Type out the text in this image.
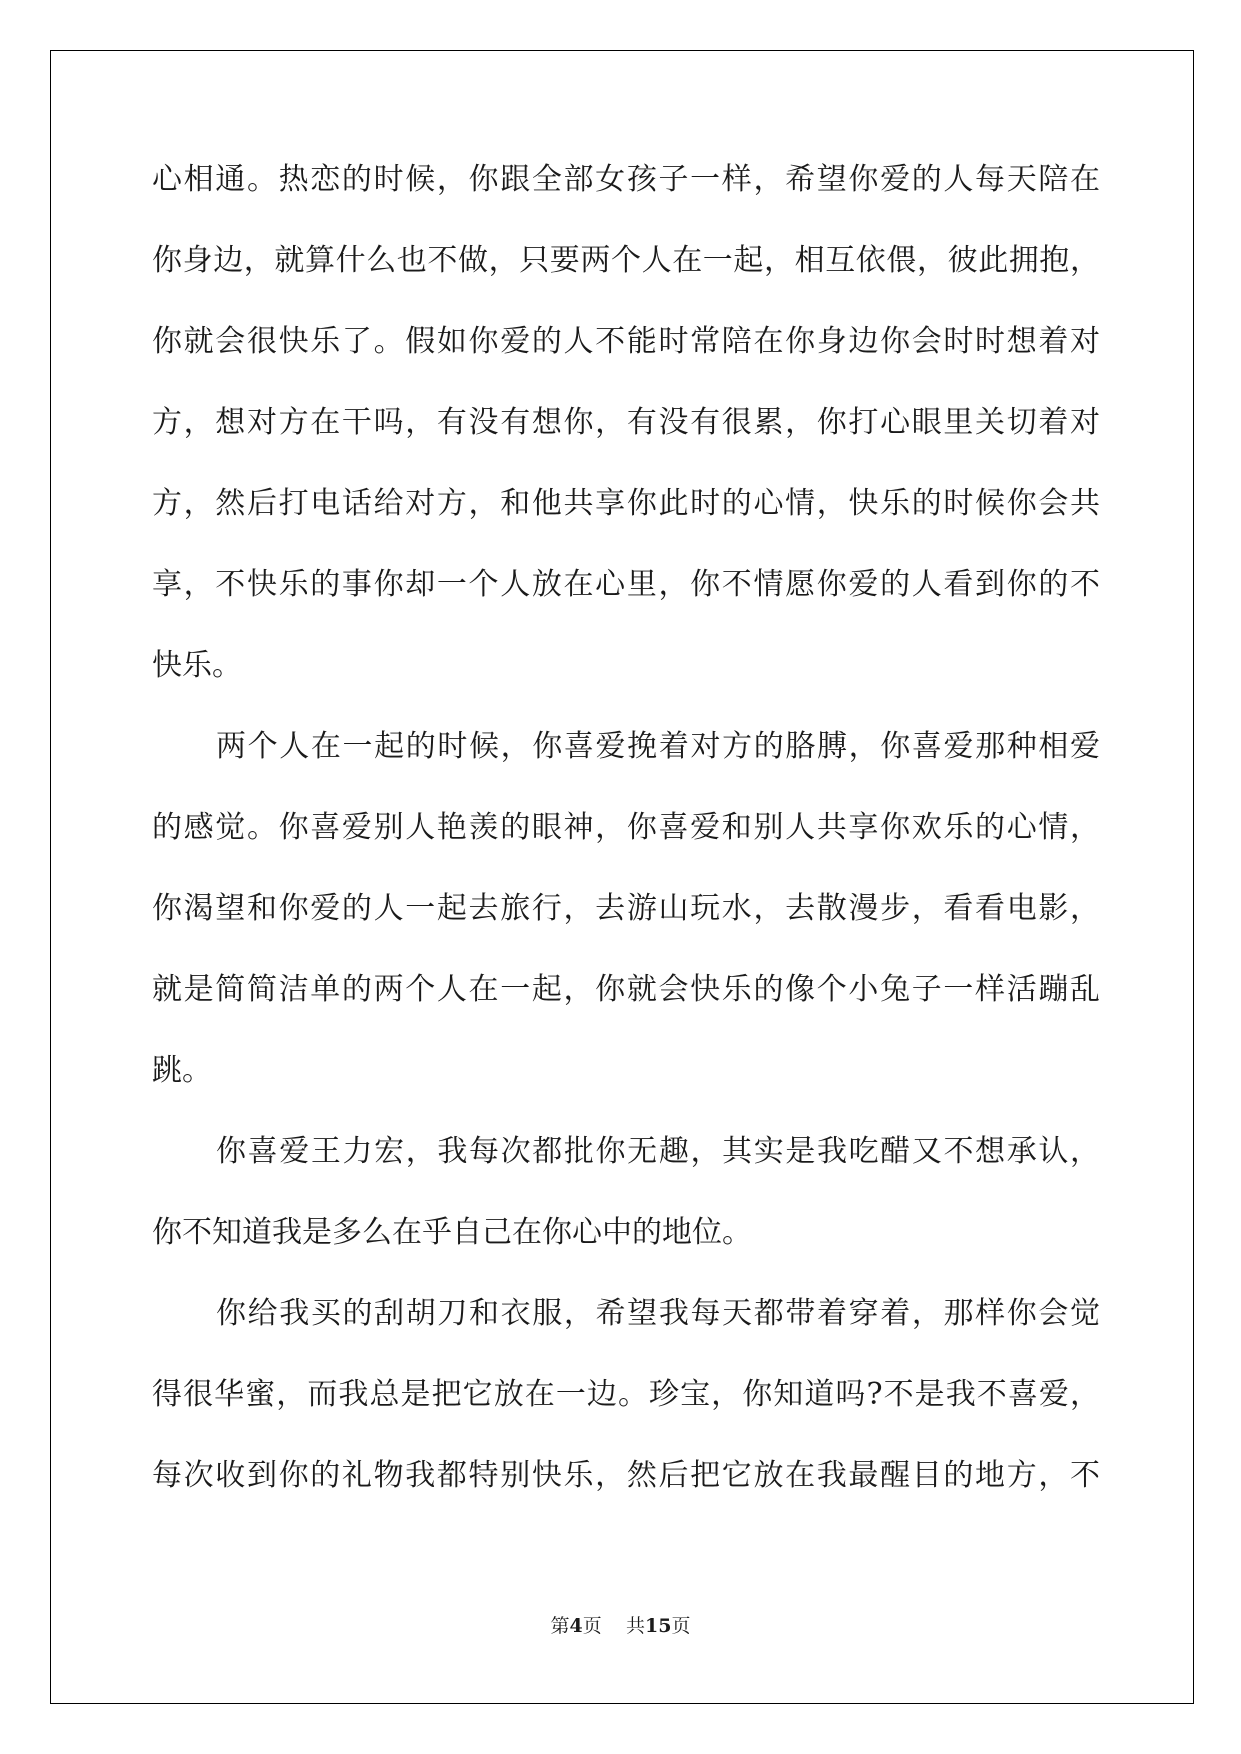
心相通。热恋的时候，你跟全部女孩子一样，希望你爱的人每天陪在
你身边，就算什么也不做，只要两个人在一起，相互依偎，彼此拥抱，
你就会很快乐了。假如你爱的人不能时常陪在你身边你会时时想着对
方，想对方在干吗，有没有想你，有没有很累，你打心眼里关切着对
方，然后打电话给对方，和他共享你此时的心情，快乐的时候你会共
享，不快乐的事你却一个人放在心里，你不情愿你爱的人看到你的不
快乐。
两个人在一起的时候，你喜爱挽着对方的胳膊，你喜爱那种相爱
的感觉。你喜爱别人艳羡的眼神，你喜爱和别人共享你欢乐的心情，
你渴望和你爱的人一起去旅行，去游山玩水，去散漫步，看看电影，
就是简简洁单的两个人在一起，你就会快乐的像个小兔子一样活蹦乱
跳。
你喜爱王力宏，我每次都批你无趣，其实是我吃醋又不想承认，
你不知道我是多么在乎自己在你心中的地位。
你给我买的刮胡刀和衣服，希望我每天都带着穿着，那样你会觉
得很华蜜，而我总是把它放在一边。珍宝，你知道吗?不是我不喜爱，
每次收到你的礼物我都特别快乐，然后把它放在我最醒目的地方，不
第4页 共15页
